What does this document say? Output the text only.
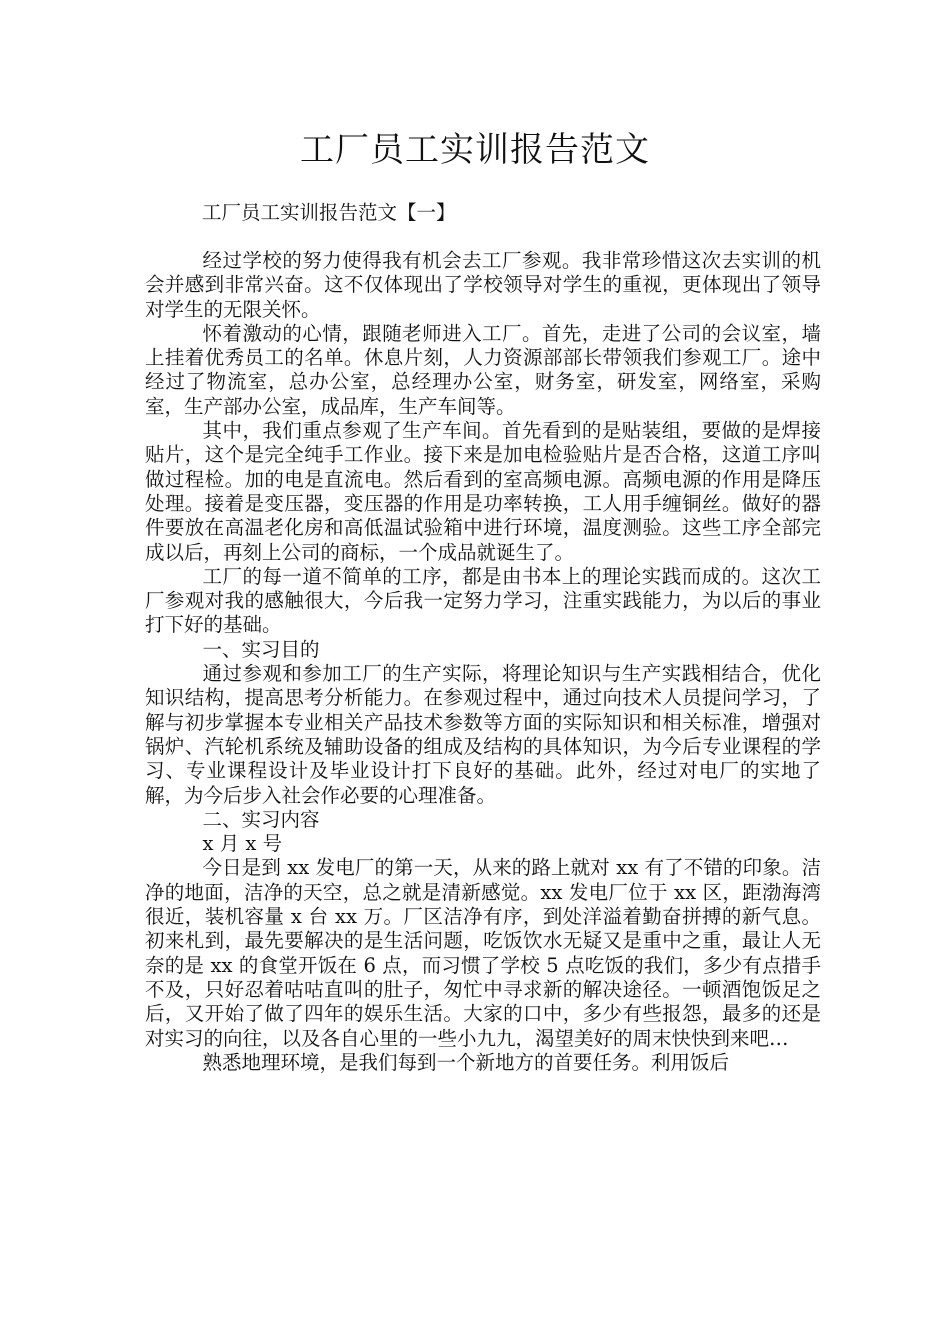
工厂员工实训报告范文

工厂员工实训报告范文【一】

经过学校的努力使得我有机会去工厂参观。我非常珍惜这次去实训的机会并感到非常兴奋。这不仅体现出了学校领导对学生的重视，更体现出了领导对学生的无限关怀。

怀着激动的心情，跟随老师进入工厂。首先，走进了公司的会议室，墙上挂着优秀员工的名单。休息片刻，人力资源部部长带领我们参观工厂。途中经过了物流室，总办公室，总经理办公室，财务室，研发室，网络室，采购室，生产部办公室，成品库，生产车间等。

其中，我们重点参观了生产车间。首先看到的是贴装组，要做的是焊接贴片，这个是完全纯手工作业。接下来是加电检验贴片是否合格，这道工序叫做过程检。加的电是直流电。然后看到的室高频电源。高频电源的作用是降压处理。接着是变压器，变压器的作用是功率转换，工人用手缠铜丝。做好的器件要放在高温老化房和高低温试验箱中进行环境，温度测验。这些工序全部完成以后，再刻上公司的商标，一个成品就诞生了。

工厂的每一道不简单的工序，都是由书本上的理论实践而成的。这次工厂参观对我的感触很大，今后我一定努力学习，注重实践能力，为以后的事业打下好的基础。

一、实习目的

通过参观和参加工厂的生产实际，将理论知识与生产实践相结合，优化知识结构，提高思考分析能力。在参观过程中，通过向技术人员提问学习，了解与初步掌握本专业相关产品技术参数等方面的实际知识和相关标准，增强对锅炉、汽轮机系统及辅助设备的组成及结构的具体知识，为今后专业课程的学习、专业课程设计及毕业设计打下良好的基础。此外，经过对电厂的实地了解，为今后步入社会作必要的心理准备。

二、实习内容

x 月 x 号

今日是到 xx 发电厂的第一天，从来的路上就对 xx 有了不错的印象。洁净的地面，洁净的天空，总之就是清新感觉。xx 发电厂位于 xx 区，距渤海湾很近，装机容量 x 台 xx 万。厂区洁净有序，到处洋溢着勤奋拼搏的新气息。初来札到，最先要解决的是生活问题，吃饭饮水无疑又是重中之重，最让人无奈的是 xx 的食堂开饭在 6 点，而习惯了学校 5 点吃饭的我们，多少有点措手不及，只好忍着咕咕直叫的肚子，匆忙中寻求新的解决途径。一顿酒饱饭足之后，又开始了做了四年的娱乐生活。大家的口中，多少有些报怨，最多的还是对实习的向往，以及各自心里的一些小九九，渴望美好的周末快快到来吧…

熟悉地理环境，是我们每到一个新地方的首要任务。利用饭后
